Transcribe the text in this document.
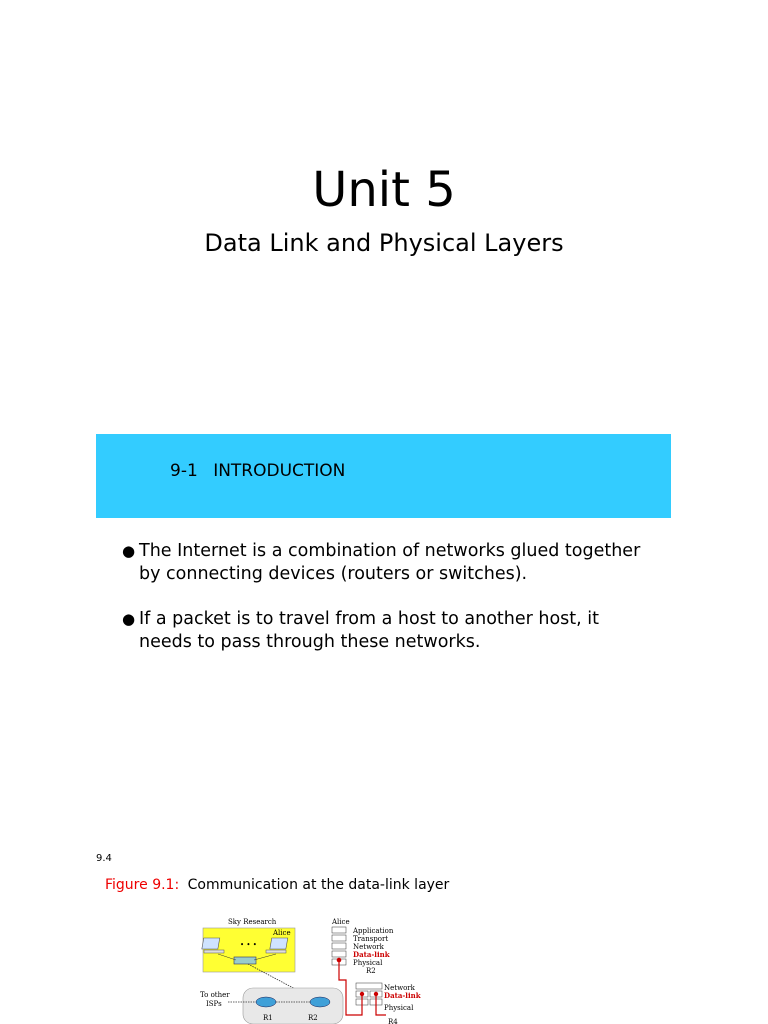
Unit 5
Data Link and Physical Layers
9-1 INTRODUCTION
● The Internet is a combination of networks glued together by connecting devices (routers or switches).
● If a packet is to travel from a host to another host, it needs to pass through these networks.
9.4
Figure 9.1: Communication at the data-link layer
Sky Research
Alice
• • •
To other
ISPs
R1	R2
Alice
Application
Transport
Network
Data-link
Physical
R2
Network
Data-link
Physical
R4
